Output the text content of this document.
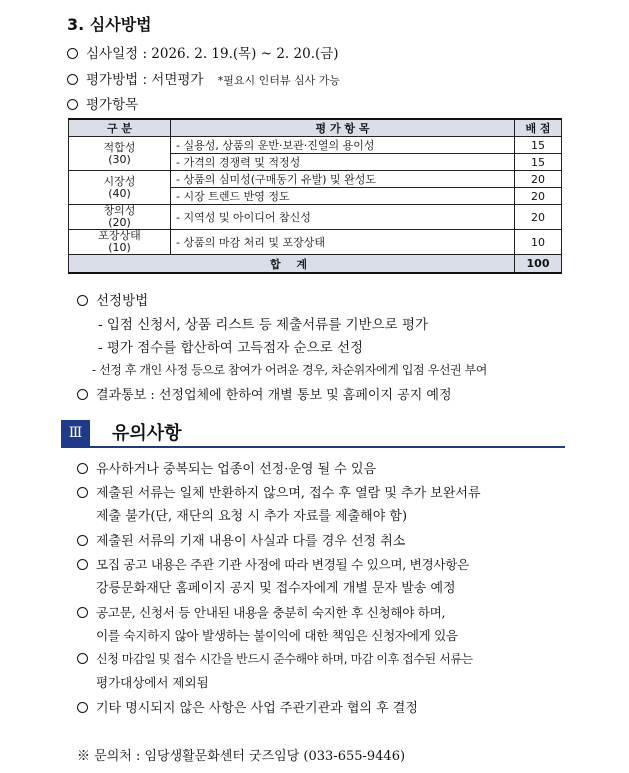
3. 심사방법
심사일정 : 2026. 2. 19.(목) ~ 2. 20.(금)
평가방법 : 서면평가 *필요시 인터뷰 심사 가능
평가항목
구 분	평 가 항 목	배 점

적합성
(30)	- 실용성, 상품의 운반·보관·진열의 용이성	15
	- 가격의 경쟁력 및 적정성	15

시장성
(40)	- 상품의 심미성(구매동기 유발) 및 완성도	20
	- 시장 트렌드 반영 정도	20

창의성
(20)	- 지역성 및 아이디어 참신성	20

포장상태
(10)	- 상품의 마감 처리 및 포장상태	10
합 계		100
선정방법
- 입점 신청서, 상품 리스트 등 제출서류를 기반으로 평가
- 평가 점수를 합산하여 고득점자 순으로 선정
- 선정 후 개인 사정 등으로 참여가 어려운 경우, 차순위자에게 입점 우선권 부여
결과통보 : 선정업체에 한하여 개별 통보 및 홈페이지 공지 예정
Ⅲ	유의사항
유사하거나 중복되는 업종이 선정·운영 될 수 있음
제출된 서류는 일체 반환하지 않으며, 접수 후 열람 및 추가 보완서류
제출 불가(단, 재단의 요청 시 추가 자료를 제출해야 함)
제출된 서류의 기재 내용이 사실과 다를 경우 선정 취소
모집 공고 내용은 주관 기관 사정에 따라 변경될 수 있으며, 변경사항은
강릉문화재단 홈페이지 공지 및 접수자에게 개별 문자 발송 예정
공고문, 신청서 등 안내된 내용을 충분히 숙지한 후 신청해야 하며,
이를 숙지하지 않아 발생하는 불이익에 대한 책임은 신청자에게 있음
신청 마감일 및 접수 시간을 반드시 준수해야 하며, 마감 이후 접수된 서류는
평가대상에서 제외됨
기타 명시되지 않은 사항은 사업 주관기관과 협의 후 결정
※ 문의처 : 임당생활문화센터 굿즈임당 (033-655-9446)
